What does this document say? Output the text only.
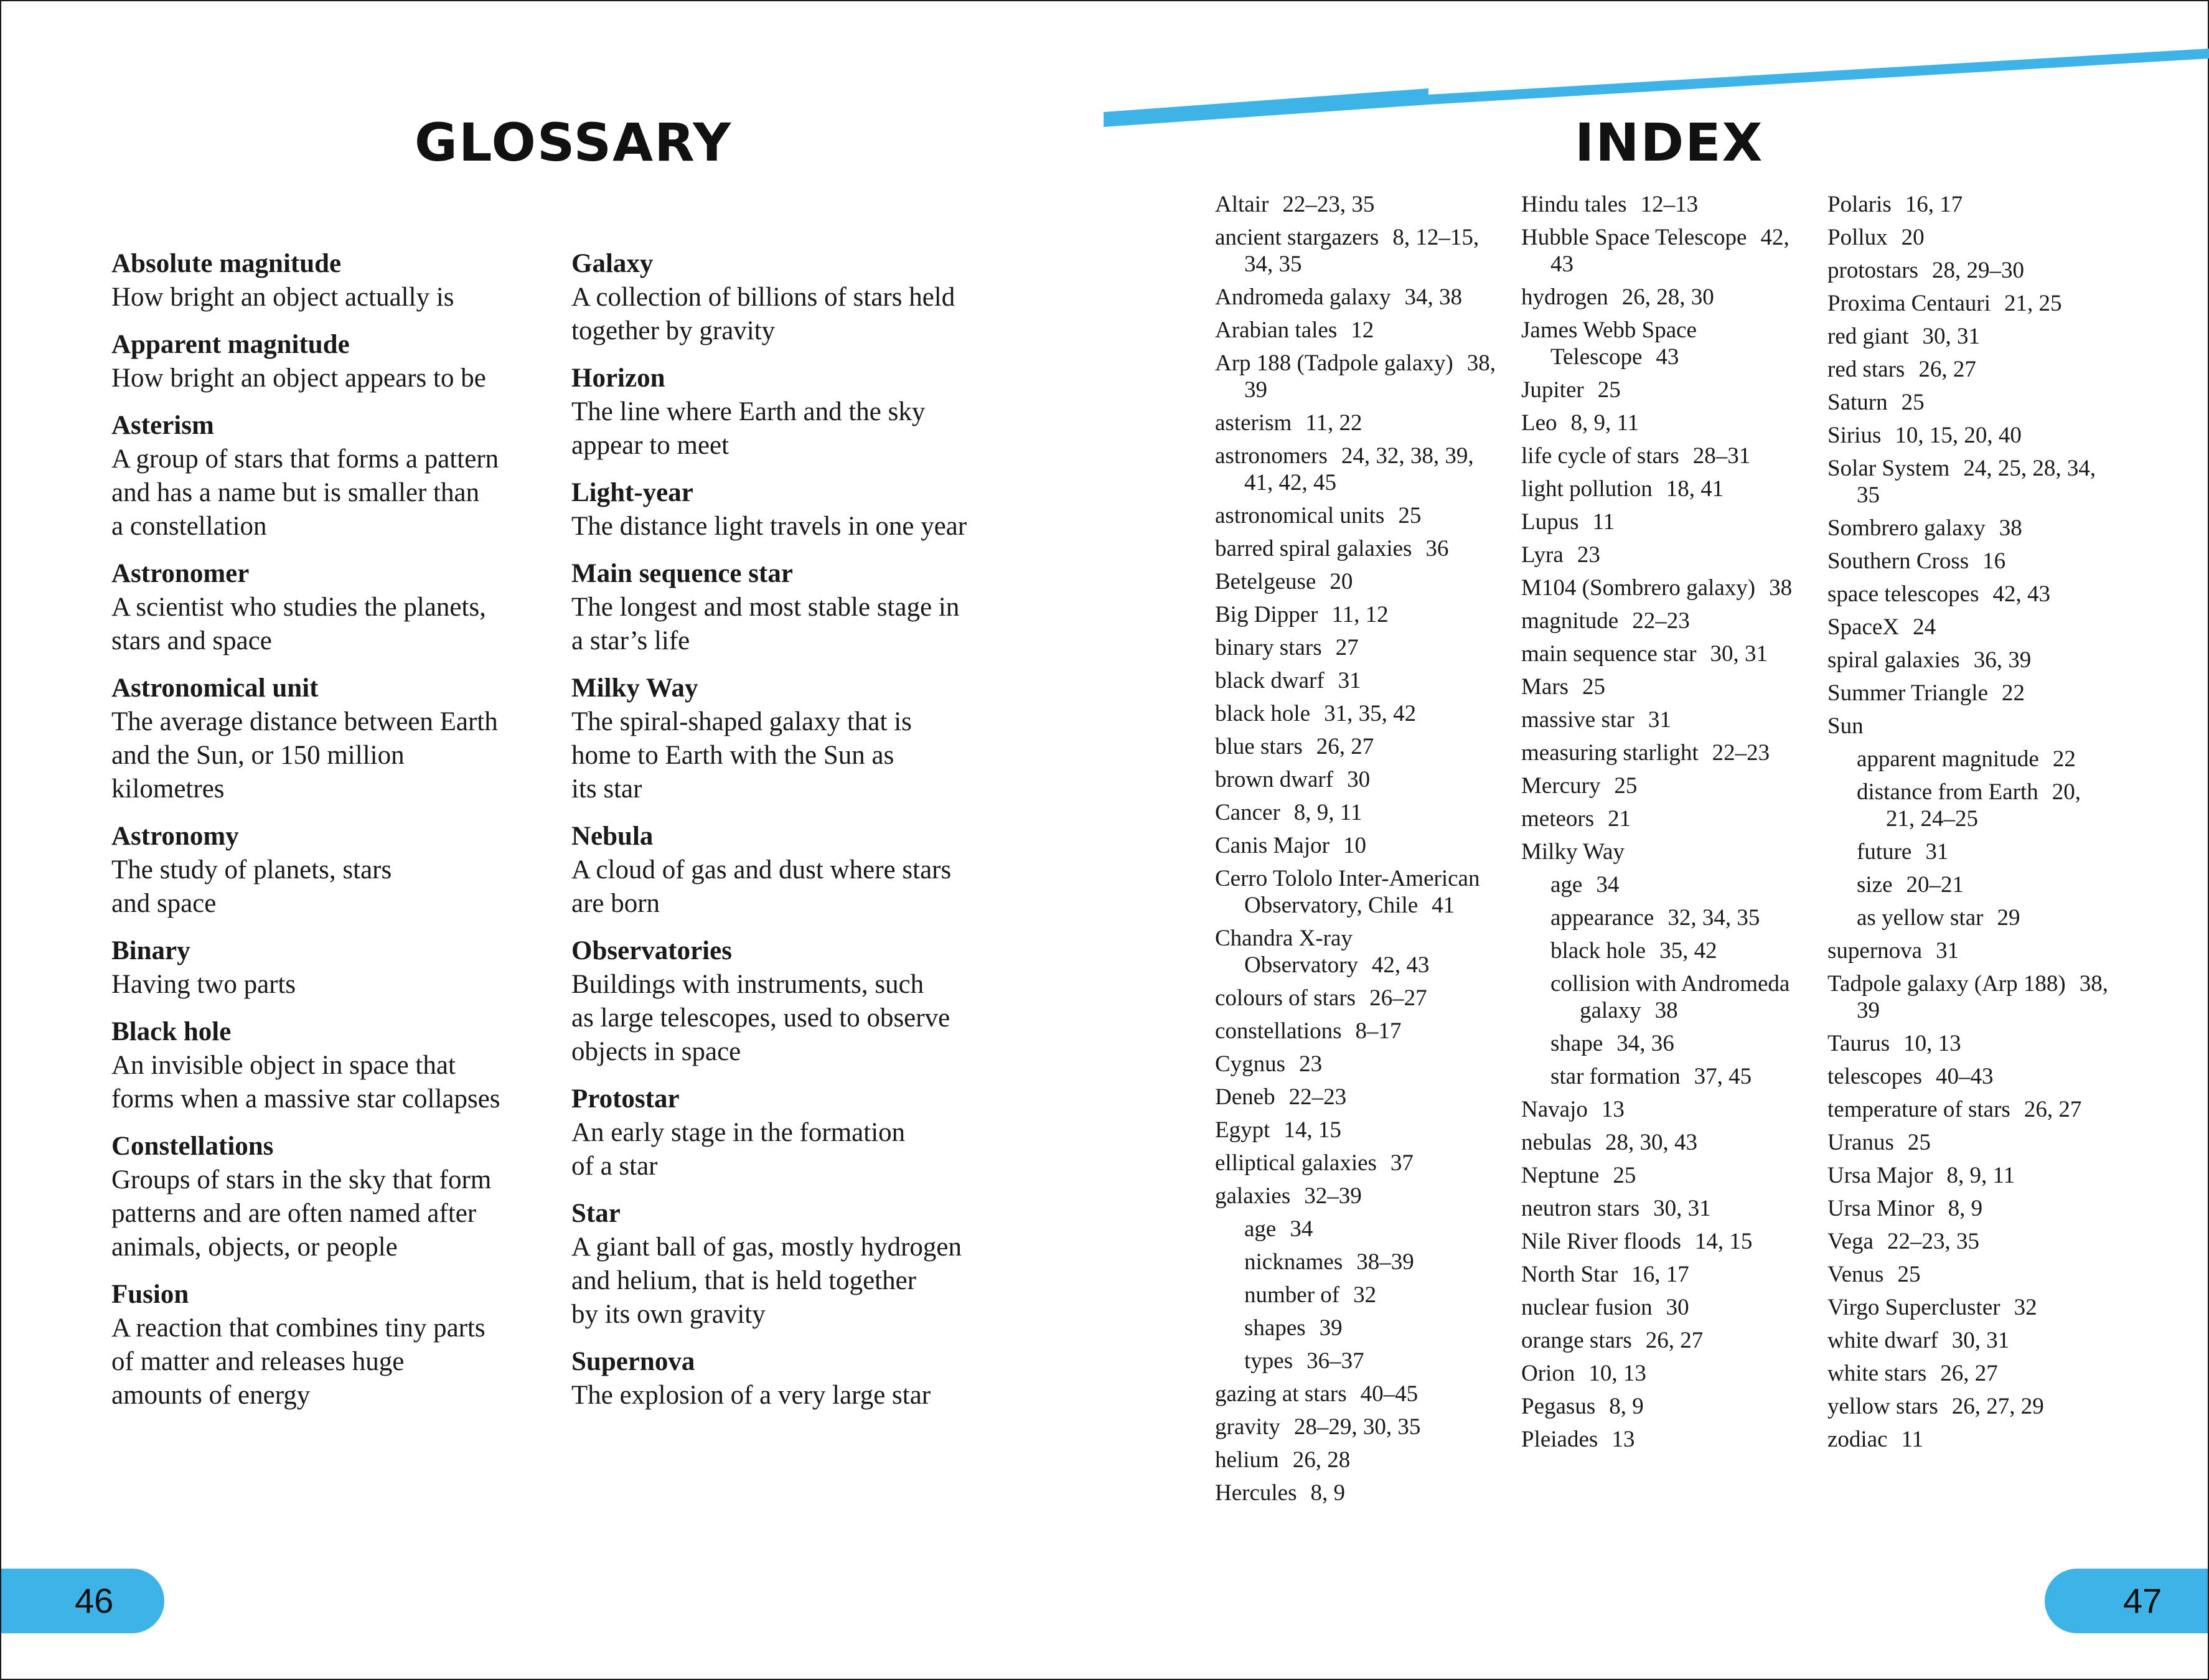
GLOSSARY	INDEX
Absolute magnitude
How bright an object actually is
Apparent magnitude
How bright an object appears to be
Asterism
A group of stars that forms a pattern
and has a name but is smaller than
a constellation
Astronomer
A scientist who studies the planets,
stars and space
Astronomical unit
The average distance between Earth
and the Sun, or 150 million
kilometres
Astronomy
The study of planets, stars
and space
Binary
Having two parts
Black hole
An invisible object in space that
forms when a massive star collapses
Constellations
Groups of stars in the sky that form
patterns and are often named after
animals, objects, or people
Fusion
A reaction that combines tiny parts
of matter and releases huge
amounts of energy
Galaxy
A collection of billions of stars held
together by gravity
Horizon
The line where Earth and the sky
appear to meet
Light-year
The distance light travels in one year
Main sequence star
The longest and most stable stage in
a star’s life
Milky Way
The spiral-shaped galaxy that is
home to Earth with the Sun as
its star
Nebula
A cloud of gas and dust where stars
are born
Observatories
Buildings with instruments, such
as large telescopes, used to observe
objects in space
Protostar
An early stage in the formation
of a star
Star
A giant ball of gas, mostly hydrogen
and helium, that is held together
by its own gravity
Supernova
The explosion of a very large star
Altair 22–23, 35
ancient stargazers 8, 12–15, 34, 35
Andromeda galaxy 34, 38
Arabian tales 12
Arp 188 (Tadpole galaxy) 38, 39
asterism 11, 22
astronomers 24, 32, 38, 39, 41, 42, 45
astronomical units 25
barred spiral galaxies 36
Betelgeuse 20
Big Dipper 11, 12
binary stars 27
black dwarf 31
black hole 31, 35, 42
blue stars 26, 27
brown dwarf 30
Cancer 8, 9, 11
Canis Major 10
Cerro Tololo Inter-American Observatory, Chile 41
Chandra X-ray Observatory 42, 43
colours of stars 26–27
constellations 8–17
Cygnus 23
Deneb 22–23
Egypt 14, 15
elliptical galaxies 37
galaxies 32–39
age 34
nicknames 38–39
number of 32
shapes 39
types 36–37
gazing at stars 40–45
gravity 28–29, 30, 35
helium 26, 28
Hercules 8, 9
Hindu tales 12–13
Hubble Space Telescope 42, 43
hydrogen 26, 28, 30
James Webb Space Telescope 43
Jupiter 25
Leo 8, 9, 11
life cycle of stars 28–31
light pollution 18, 41
Lupus 11
Lyra 23
M104 (Sombrero galaxy) 38
magnitude 22–23
main sequence star 30, 31
Mars 25
massive star 31
measuring starlight 22–23
Mercury 25
meteors 21
Milky Way
age 34
appearance 32, 34, 35
black hole 35, 42
collision with Andromeda galaxy 38
shape 34, 36
star formation 37, 45
Navajo 13
nebulas 28, 30, 43
Neptune 25
neutron stars 30, 31
Nile River floods 14, 15
North Star 16, 17
nuclear fusion 30
orange stars 26, 27
Orion 10, 13
Pegasus 8, 9
Pleiades 13
Polaris 16, 17
Pollux 20
protostars 28, 29–30
Proxima Centauri 21, 25
red giant 30, 31
red stars 26, 27
Saturn 25
Sirius 10, 15, 20, 40
Solar System 24, 25, 28, 34, 35
Sombrero galaxy 38
Southern Cross 16
space telescopes 42, 43
SpaceX 24
spiral galaxies 36, 39
Summer Triangle 22
Sun
apparent magnitude 22
distance from Earth 20, 21, 24–25
future 31
size 20–21
as yellow star 29
supernova 31
Tadpole galaxy (Arp 188) 38, 39
Taurus 10, 13
telescopes 40–43
temperature of stars 26, 27
Uranus 25
Ursa Major 8, 9, 11
Ursa Minor 8, 9
Vega 22–23, 35
Venus 25
Virgo Supercluster 32
white dwarf 30, 31
white stars 26, 27
yellow stars 26, 27, 29
zodiac 11
46	47
